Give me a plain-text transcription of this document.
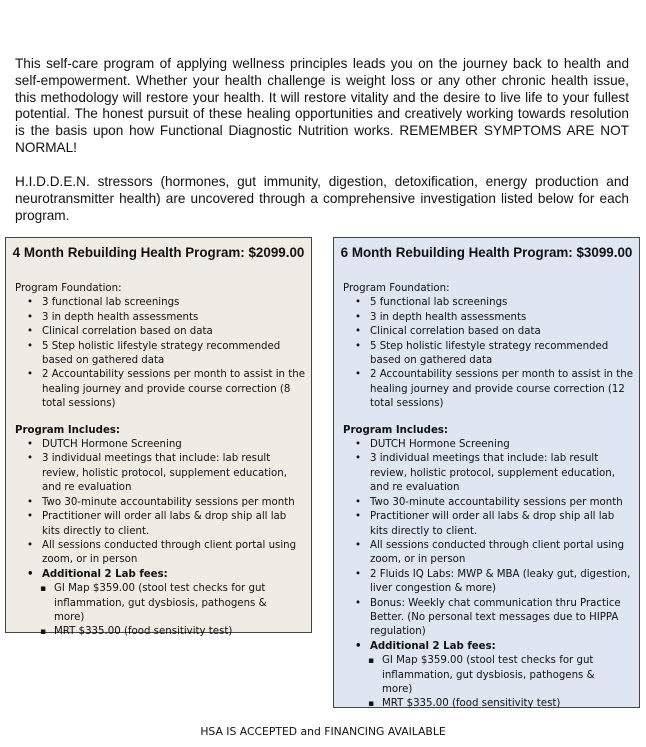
This self-care program of applying wellness principles leads you on the journey back to health and self-empowerment. Whether your health challenge is weight loss or any other chronic health issue, this methodology will restore your health. It will restore vitality and the desire to live life to your fullest potential. The honest pursuit of these healing opportunities and creatively working towards resolution is the basis upon how Functional Diagnostic Nutrition works. REMEMBER SYMPTOMS ARE NOT NORMAL!

H.I.D.D.E.N. stressors (hormones, gut immunity, digestion, detoxification, energy production and neurotransmitter health) are uncovered through a comprehensive investigation listed below for each program.

4 Month Rebuilding Health Program: $2099.00
Program Foundation:
• 3 functional lab screenings
• 3 in depth health assessments
• Clinical correlation based on data
• 5 Step holistic lifestyle strategy recommended based on gathered data
• 2 Accountability sessions per month to assist in the healing journey and provide course correction (8 total sessions)
Program Includes:
• DUTCH Hormone Screening
• 3 individual meetings that include: lab result review, holistic protocol, supplement education, and re evaluation
• Two 30-minute accountability sessions per month
• Practitioner will order all labs & drop ship all lab kits directly to client.
• All sessions conducted through client portal using zoom, or in person
• Additional 2 Lab fees:
▪ GI Map $359.00 (stool test checks for gut inflammation, gut dysbiosis, pathogens & more)
▪ MRT $335.00 (food sensitivity test)
6 Month Rebuilding Health Program: $3099.00
Program Foundation:
• 5 functional lab screenings
• 3 in depth health assessments
• Clinical correlation based on data
• 5 Step holistic lifestyle strategy recommended based on gathered data
• 2 Accountability sessions per month to assist in the healing journey and provide course correction (12 total sessions)
Program Includes:
• DUTCH Hormone Screening
• 3 individual meetings that include: lab result review, holistic protocol, supplement education, and re evaluation
• Two 30-minute accountability sessions per month
• Practitioner will order all labs & drop ship all lab kits directly to client.
• All sessions conducted through client portal using zoom, or in person
• 2 Fluids IQ Labs: MWP & MBA (leaky gut, digestion, liver congestion & more)
• Bonus: Weekly chat communication thru Practice Better. (No personal text messages due to HIPPA regulation)
• Additional 2 Lab fees:
▪ GI Map $359.00 (stool test checks for gut inflammation, gut dysbiosis, pathogens & more)
▪ MRT $335.00 (food sensitivity test)
HSA IS ACCEPTED and FINANCING AVAILABLE
